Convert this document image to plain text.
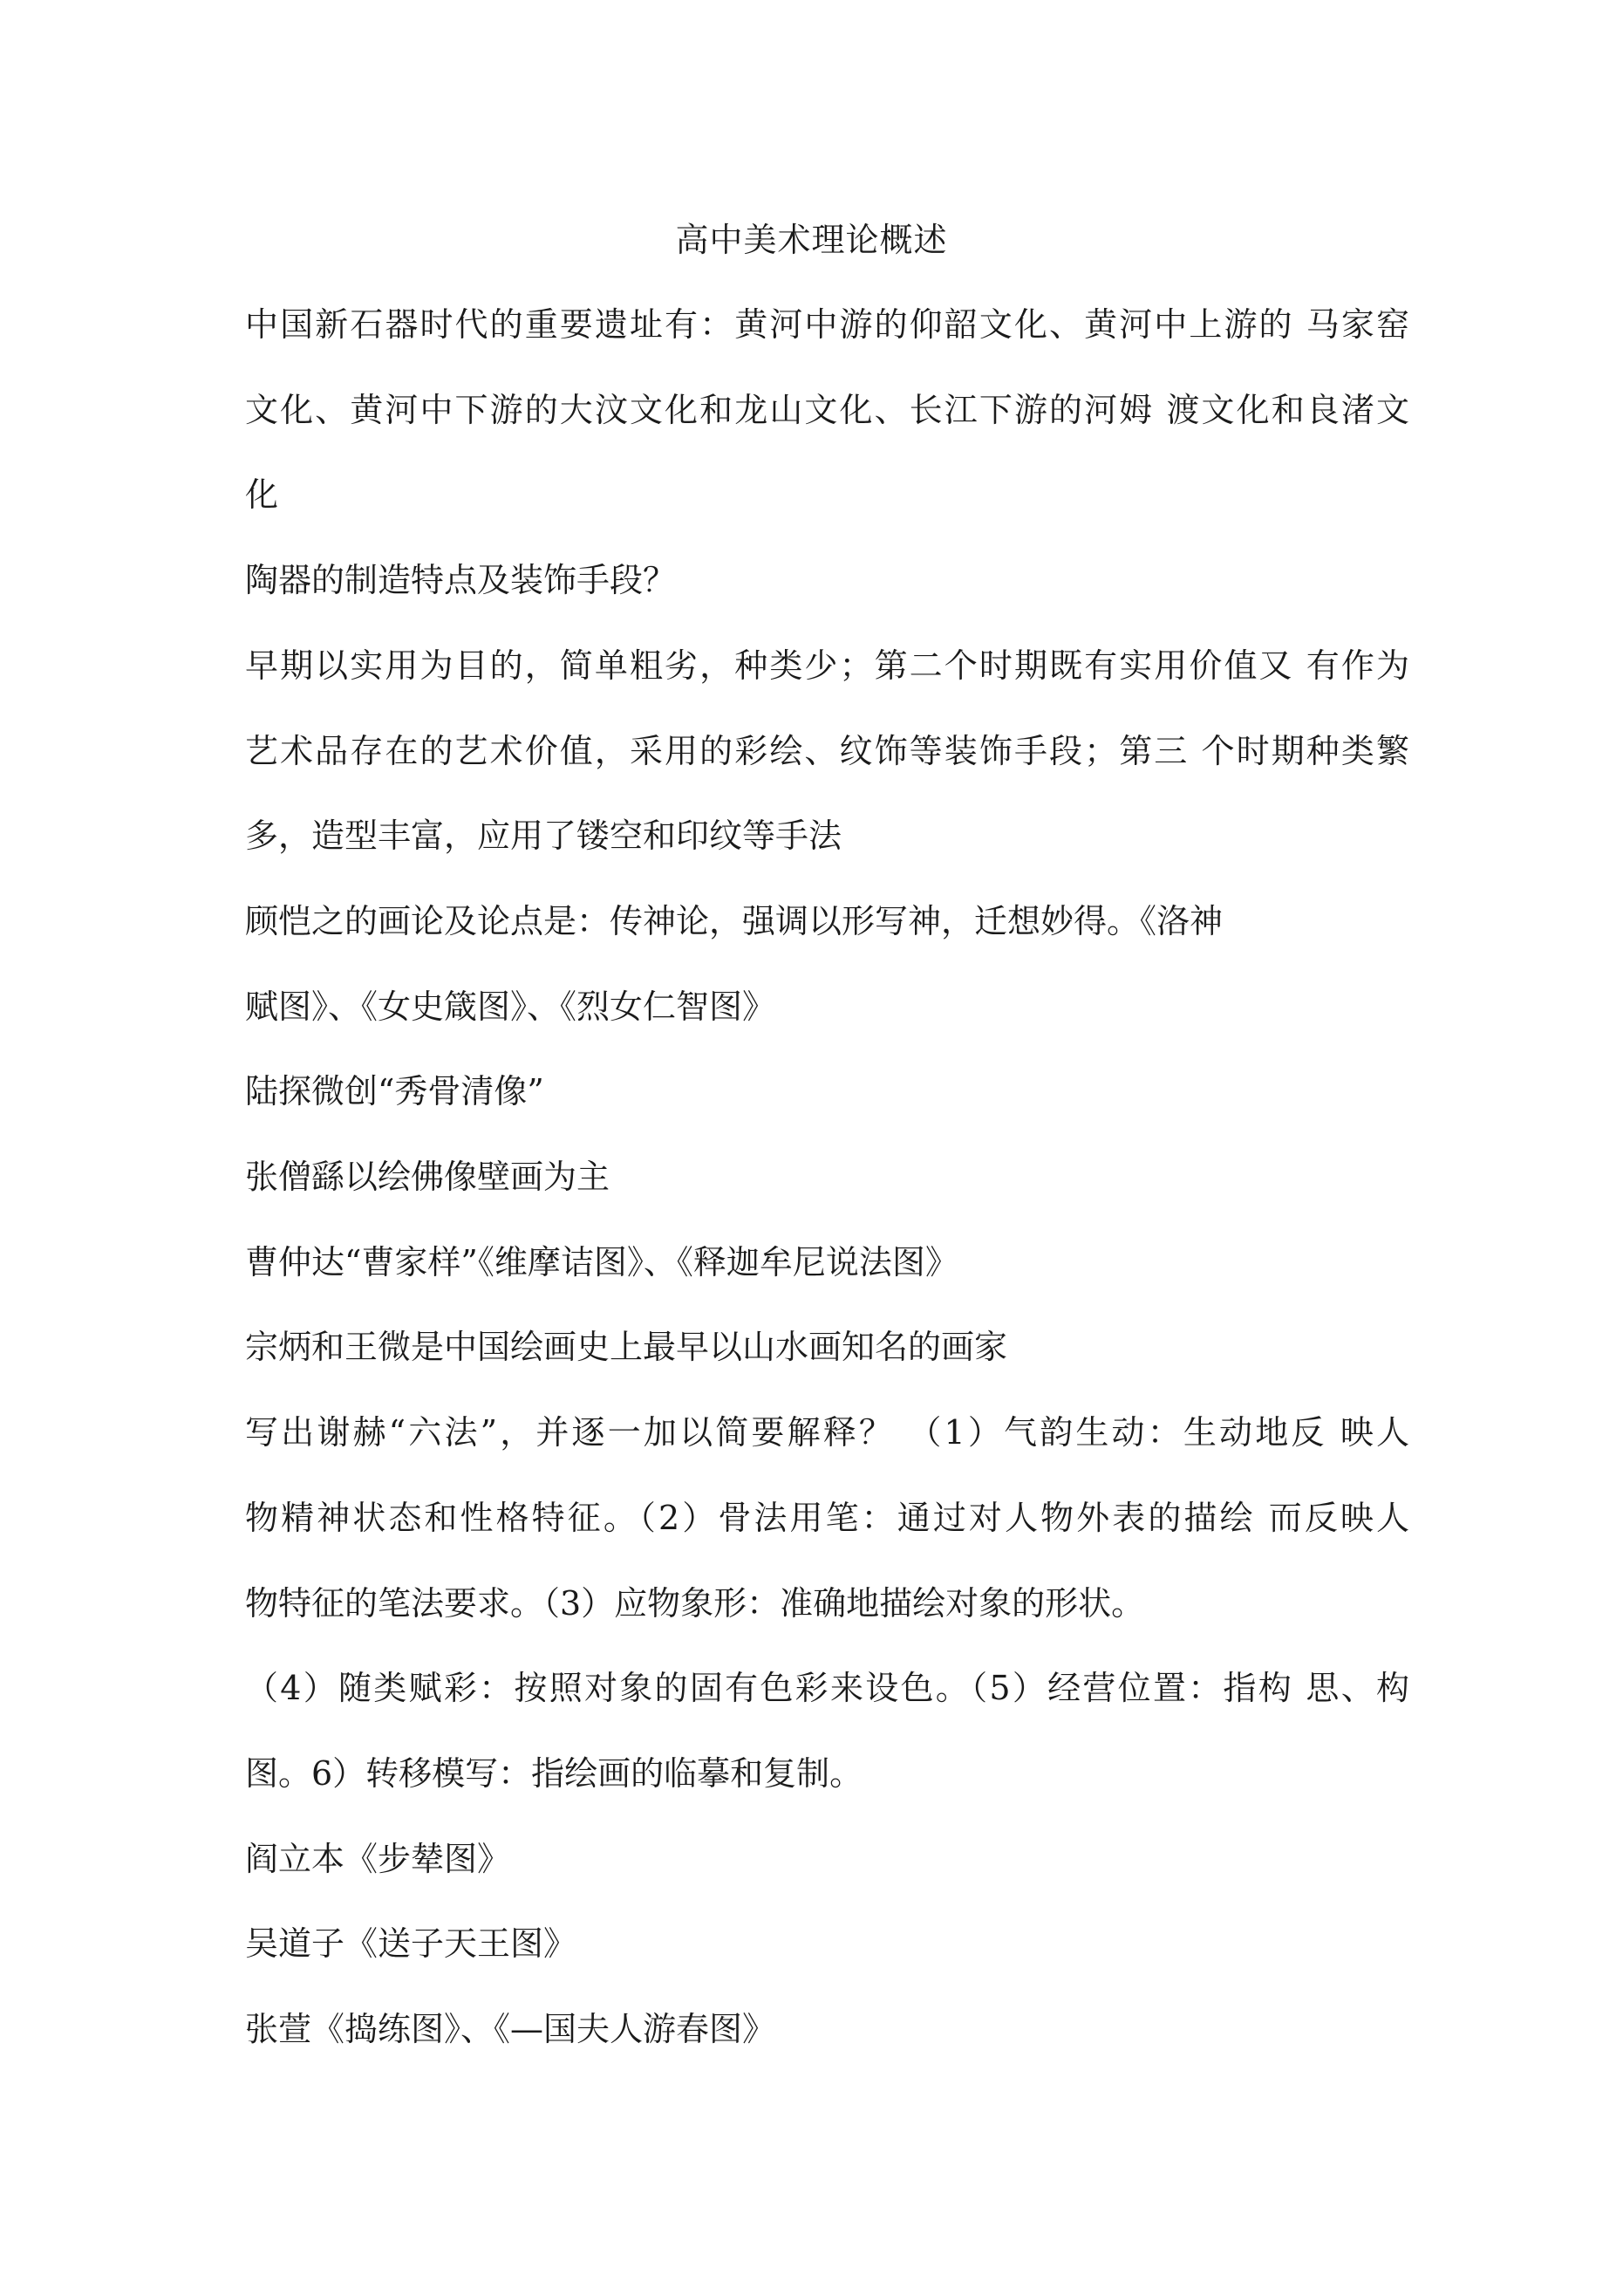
高中美术理论概述
中国新石器时代的重要遗址有：黄河中游的仰韶文化、黄河中上游的 马家窑
文化、黄河中下游的大汶文化和龙山文化、长江下游的河姆 渡文化和良渚文
化
陶器的制造特点及装饰手段？
早期以实用为目的，简单粗劣，种类少；第二个时期既有实用价值又 有作为
艺术品存在的艺术价值，采用的彩绘、纹饰等装饰手段；第三 个时期种类繁
多，造型丰富，应用了镂空和印纹等手法
顾恺之的画论及论点是：传神论，强调以形写神，迁想妙得。《洛神
赋图》、《女史箴图》、《烈女仁智图》
陆探微创“秀骨清像”
张僧繇以绘佛像壁画为主
曹仲达“曹家样”《维摩诘图》、《释迦牟尼说法图》
宗炳和王微是中国绘画史上最早以山水画知名的画家
写出谢赫“六法”，并逐一加以简要解释？ （1）气韵生动：生动地反 映人
物精神状态和性格特征。（2）骨法用笔：通过对人物外表的描绘 而反映人
物特征的笔法要求。（3）应物象形：准确地描绘对象的形状。
（4）随类赋彩：按照对象的固有色彩来设色。（5）经营位置：指构 思、构
图。6）转移模写：指绘画的临摹和复制。
阎立本《步辇图》
吴道子《送子天王图》
张萱《捣练图》、《—国夫人游春图》
